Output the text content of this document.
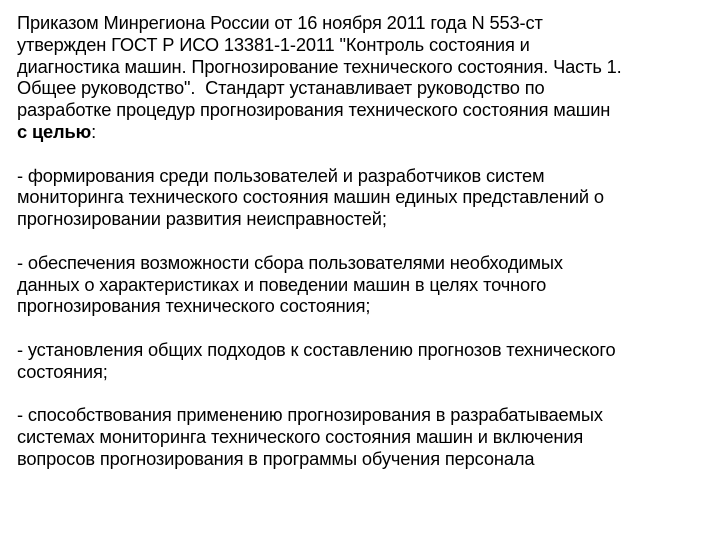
Приказом Минрегиона России от 16 ноября 2011 года N 553-ст
утвержден ГОСТ Р ИСО 13381-1-2011 "Контроль состояния и
диагностика машин. Прогнозирование технического состояния. Часть 1.
Общее руководство".  Стандарт устанавливает руководство по
разработке процедур прогнозирования технического состояния машин
с целью:

- формирования среди пользователей и разработчиков систем
мониторинга технического состояния машин единых представлений о
прогнозировании развития неисправностей;

- обеспечения возможности сбора пользователями необходимых
данных о характеристиках и поведении машин в целях точного
прогнозирования технического состояния;

- установления общих подходов к составлению прогнозов технического
состояния;

- способствования применению прогнозирования в разрабатываемых
системах мониторинга технического состояния машин и включения
вопросов прогнозирования в программы обучения персонала
